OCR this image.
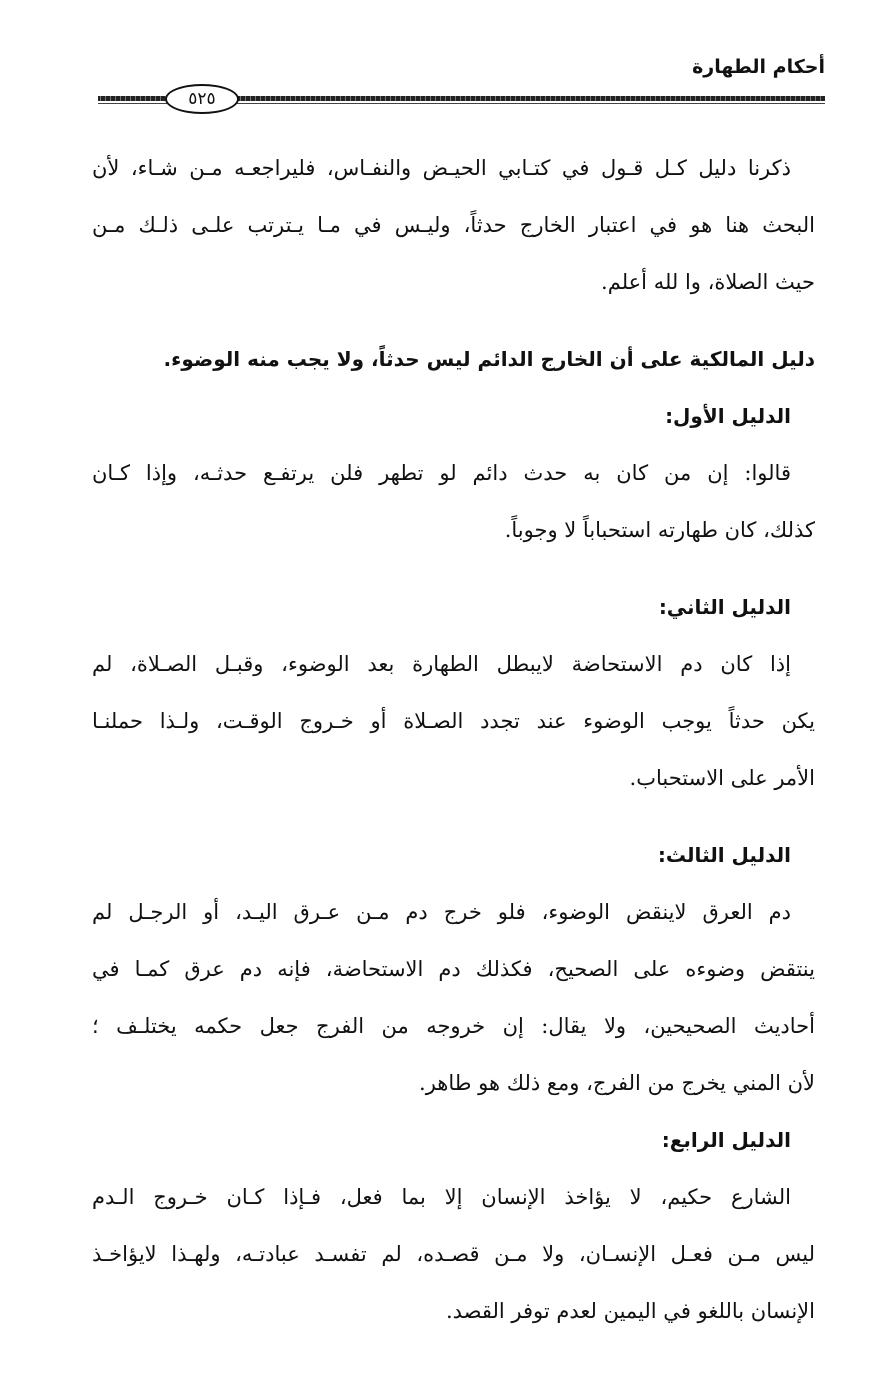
أحكام الطهارة
٥٢٥

ذكرنا دليل كـل قـول في كتـابي الحيـض والنفـاس، فليراجعـه مـن شـاء، لأن

البحث هنا هو في اعتبار الخارج حدثاً، وليـس في مـا يـترتب علـى ذلـك مـن

حيث الصلاة، وا لله أعلم.

دليل المالكية على أن الخارج الدائم ليس حدثاً، ولا يجب منه الوضوء.

الدليل الأول:

قالوا: إن من كان به حدث دائم لو تطهر فلن يرتفـع حدثـه، وإذا كـان

كذلك، كان طهارته استحباباً لا وجوباً.

الدليل الثاني:

إذا كان دم الاستحاضة لايبطل الطهارة بعد الوضوء، وقبـل الصـلاة، لم

يكن حدثاً يوجب الوضوء عند تجدد الصـلاة أو خـروج الوقـت، ولـذا حملنـا

الأمر على الاستحباب.

الدليل الثالث:

دم العرق لاينقض الوضوء، فلو خرج دم مـن عـرق اليـد، أو الرجـل لم

ينتقض وضوءه على الصحيح، فكذلك دم الاستحاضة، فإنه دم عرق كمـا في

أحاديث الصحيحين، ولا يقال: إن خروجه من الفرج جعل حكمه يختلـف ؛

لأن المني يخرج من الفرج، ومع ذلك هو طاهر.

الدليل الرابع:

الشارع حكيم، لا يؤاخذ الإنسان إلا بما فعل، فـإذا كـان خـروج الـدم

ليس مـن فعـل الإنسـان، ولا مـن قصـده، لم تفسـد عبادتـه، ولهـذا لايؤاخـذ

الإنسان باللغو في اليمين لعدم توفر القصد.
